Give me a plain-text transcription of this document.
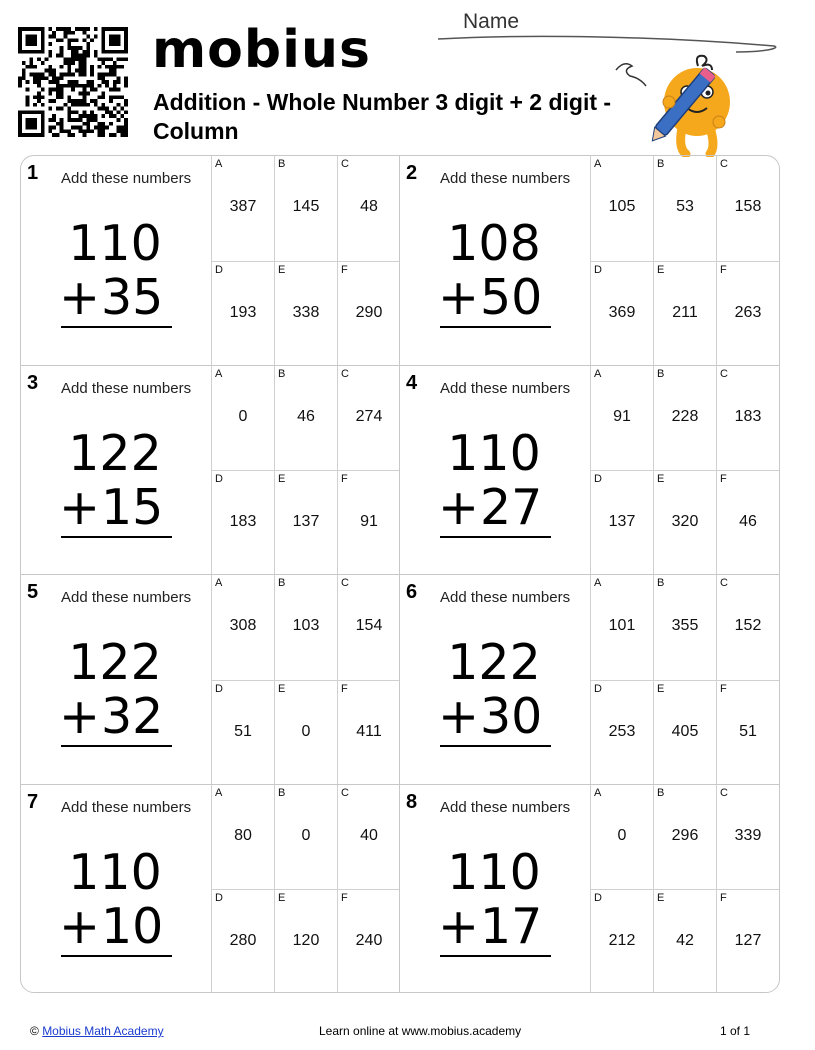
mobius
Addition - Whole Number 3 digit + 2 digit - Column
Name
1 Add these numbers
110
+35
A
387
B
145
C
48
D
193
E
338
F
290
2 Add these numbers
108
+50
A
105
B
53
C
158
D
369
E
211
F
263
3 Add these numbers
122
+15
A
0
B
46
C
274
D
183
E
137
F
91
4 Add these numbers
110
+27
A
91
B
228
C
183
D
137
E
320
F
46
5 Add these numbers
122
+32
A
308
B
103
C
154
D
51
E
0
F
411
6 Add these numbers
122
+30
A
101
B
355
C
152
D
253
E
405
F
51
7 Add these numbers
110
+10
A
80
B
0
C
40
D
280
E
120
F
240
8 Add these numbers
110
+17
A
0
B
296
C
339
D
212
E
42
F
127
© Mobius Math Academy	Learn online at www.mobius.academy	1 of 1
